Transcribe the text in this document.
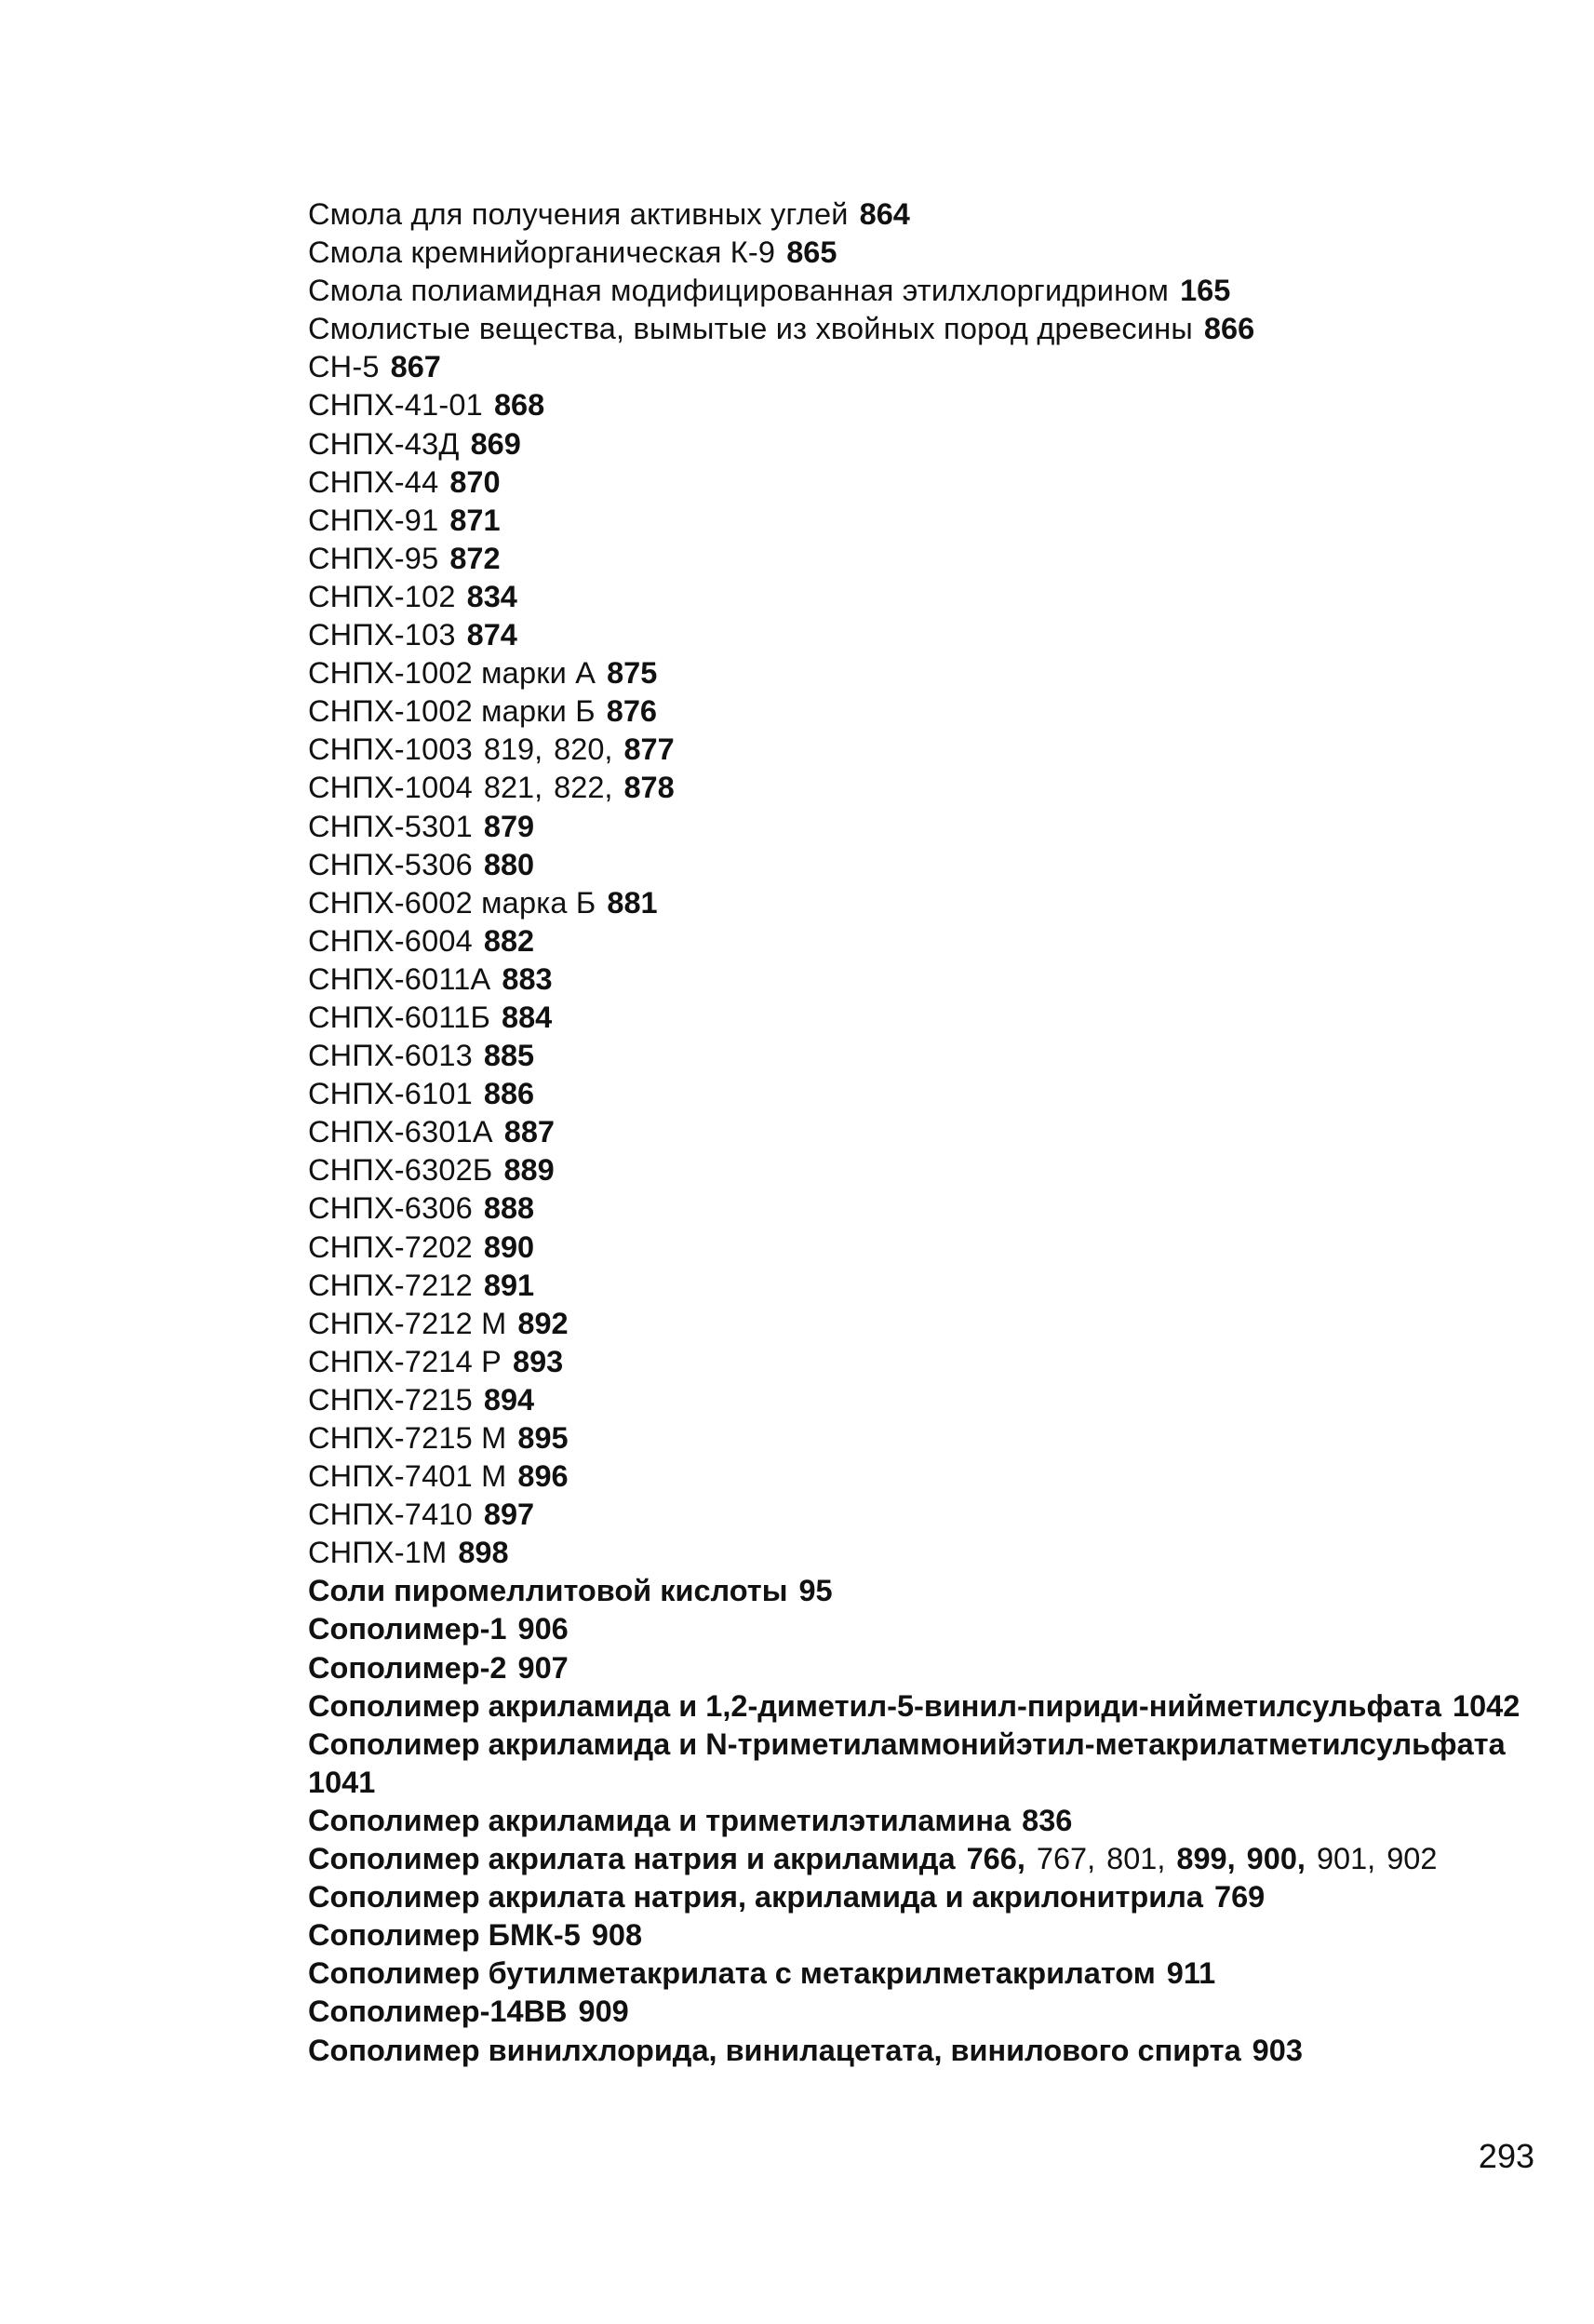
Смола для получения активных углей 864
Смола кремнийорганическая К-9 865
Смола полиамидная модифицированная этилхлоргидрином 165
Смолистые вещества, вымытые из хвойных пород древесины 866
СН-5 867
СНПХ-41-01 868
СНПХ-43Д 869
СНПХ-44 870
СНПХ-91 871
СНПХ-95 872
СНПХ-102 834
СНПХ-103 874
СНПХ-1002 марки А 875
СНПХ-1002 марки Б 876
СНПХ-1003 819, 820, 877
СНПХ-1004 821, 822, 878
СНПХ-5301 879
СНПХ-5306 880
СНПХ-6002 марка Б 881
СНПХ-6004 882
СНПХ-6011А 883
СНПХ-6011Б 884
СНПХ-6013 885
СНПХ-6101 886
СНПХ-6301А 887
СНПХ-6302Б 889
СНПХ-6306 888
СНПХ-7202 890
СНПХ-7212 891
СНПХ-7212 М 892
СНПХ-7214 Р 893
СНПХ-7215 894
СНПХ-7215 М 895
СНПХ-7401 М 896
СНПХ-7410 897
СНПХ-1М 898
Соли пиромеллитовой кислоты 95
Сополимер-1 906
Сополимер-2 907
Сополимер акриламида и 1,2-диметил-5-винил-пириди-нийметилсульфата 1042
Сополимер акриламида и N-триметиламмонийэтил-метакрилатметилсульфата1041
Сополимер акриламида и триметилэтиламина 836
Сополимер акрилата натрия и акриламида 766, 767, 801, 899, 900, 901, 902
Сополимер акрилата натрия, акриламида и акрилонитрила 769
Сополимер БМК-5 908
Сополимер бутилметакрилата с метакрилметакрилатом 911
Сополимер-14ВВ 909
Сополимер винилхлорида, винилацетата, винилового спирта 903
293
